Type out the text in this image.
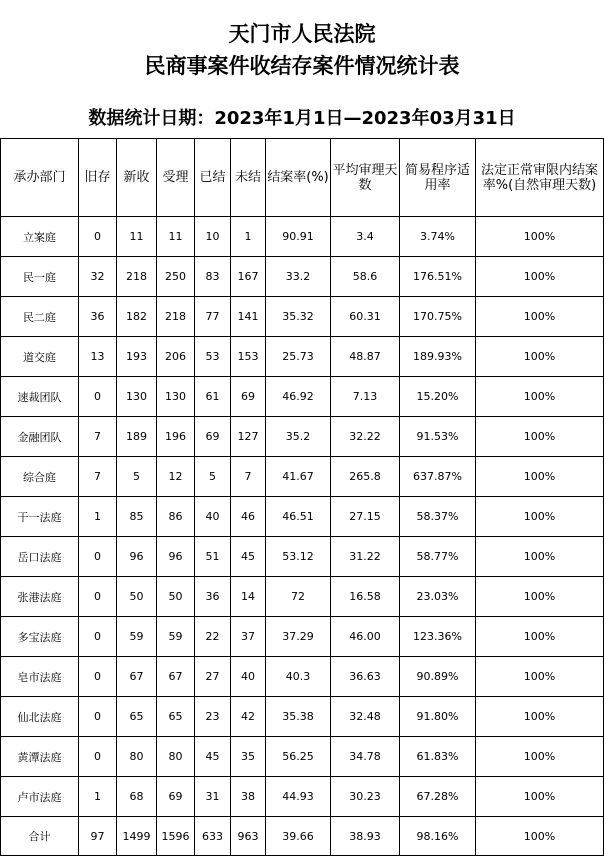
天门市人民法院
民商事案件收结存案件情况统计表
数据统计日期：2023年1月1日—2023年03月31日
承办部门	旧存	新收	受理	已结	未结	结案率(%)	平均审理天数	简易程序适用率	法定正常审限内结案率%(自然审理天数)
立案庭	0	11	11	10	1	90.91	3.4	3.74%	100%
民一庭	32	218	250	83	167	33.2	58.6	176.51%	100%
民二庭	36	182	218	77	141	35.32	60.31	170.75%	100%
道交庭	13	193	206	53	153	25.73	48.87	189.93%	100%
速裁团队	0	130	130	61	69	46.92	7.13	15.20%	100%
金融团队	7	189	196	69	127	35.2	32.22	91.53%	100%
综合庭	7	5	12	5	7	41.67	265.8	637.87%	100%
干一法庭	1	85	86	40	46	46.51	27.15	58.37%	100%
岳口法庭	0	96	96	51	45	53.12	31.22	58.77%	100%
张港法庭	0	50	50	36	14	72	16.58	23.03%	100%
多宝法庭	0	59	59	22	37	37.29	46.00	123.36%	100%
皂市法庭	0	67	67	27	40	40.3	36.63	90.89%	100%
仙北法庭	0	65	65	23	42	35.38	32.48	91.80%	100%
黄潭法庭	0	80	80	45	35	56.25	34.78	61.83%	100%
卢市法庭	1	68	69	31	38	44.93	30.23	67.28%	100%
合计	97	1499	1596	633	963	39.66	38.93	98.16%	100%
